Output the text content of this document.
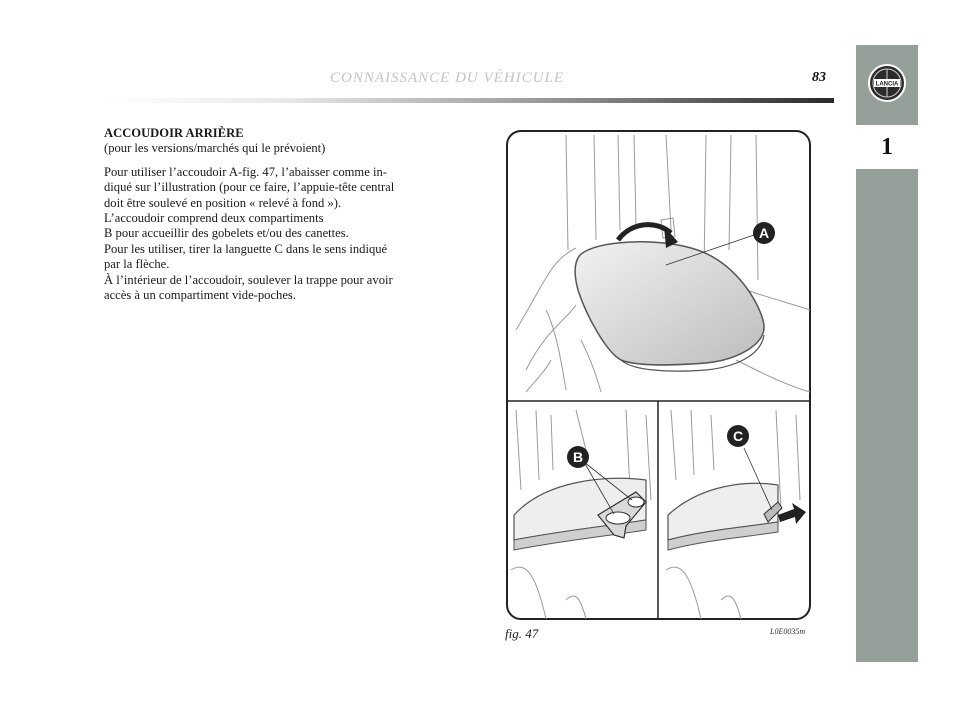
LANCIA
1
CONNAISSANCE DU VÉHICULE	83

ACCOUDOIR ARRIÈRE

(pour les versions/marchés qui le prévoient)

Pour utiliser l’accoudoir A-fig. 47, l’abaisser comme in-

diqué sur l’illustration (pour ce faire, l’appuie-tête central

doit être soulevé en position « relevé à fond »).

L’accoudoir comprend deux compartiments

B pour accueillir des gobelets et/ou des canettes.

Pour les utiliser, tirer la languette C dans le sens indiqué

par la flèche.

À l’intérieur de l’accoudoir, soulever la trappe pour avoir

accès à un compartiment vide-poches.

A
B
C
fig. 47	L0E0035m
